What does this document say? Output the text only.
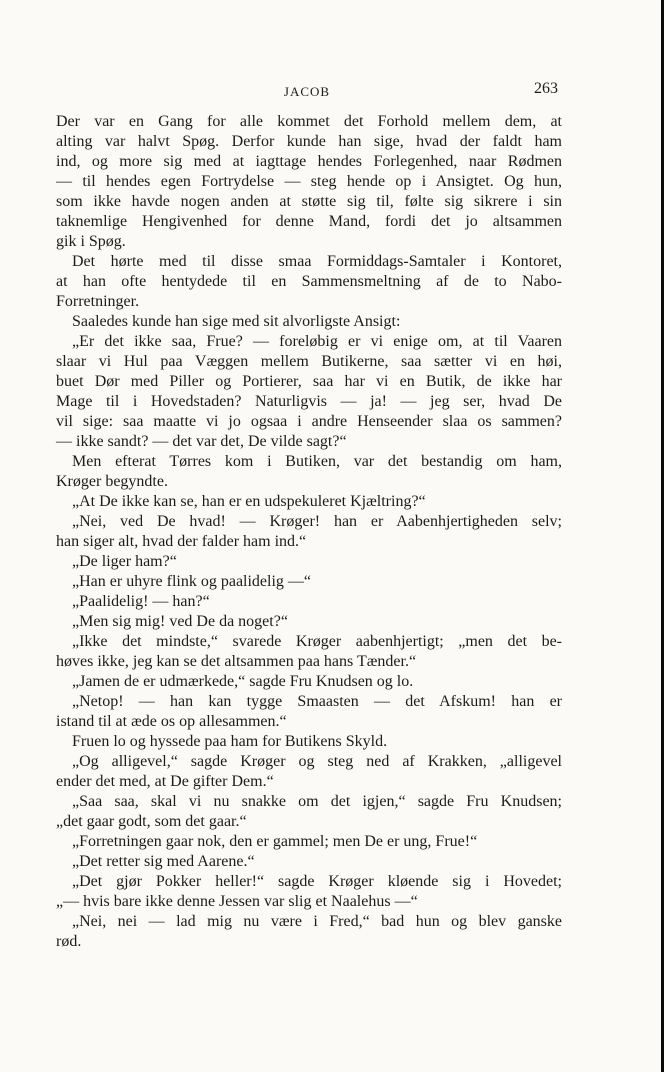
JACOB	263
Der var en Gang for alle kommet det Forhold mellem dem, at
alting var halvt Spøg. Derfor kunde han sige, hvad der faldt ham
ind, og more sig med at iagttage hendes Forlegenhed, naar Rødmen
— til hendes egen Fortrydelse — steg hende op i Ansigtet. Og hun,
som ikke havde nogen anden at støtte sig til, følte sig sikrere i sin
taknemlige Hengivenhed for denne Mand, fordi det jo altsammen
gik i Spøg.
Det hørte med til disse smaa Formiddags-Samtaler i Kontoret,
at han ofte hentydede til en Sammensmeltning af de to Nabo-
Forretninger.
Saaledes kunde han sige med sit alvorligste Ansigt:
„Er det ikke saa, Frue? — foreløbig er vi enige om, at til Vaaren
slaar vi Hul paa Væggen mellem Butikerne, saa sætter vi en høi,
buet Dør med Piller og Portierer, saa har vi en Butik, de ikke har
Mage til i Hovedstaden? Naturligvis — ja! — jeg ser, hvad De
vil sige: saa maatte vi jo ogsaa i andre Henseender slaa os sammen?
— ikke sandt? — det var det, De vilde sagt?“
Men efterat Tørres kom i Butiken, var det bestandig om ham,
Krøger begyndte.
„At De ikke kan se, han er en udspekuleret Kjæltring?“
„Nei, ved De hvad! — Krøger! han er Aabenhjertigheden selv;
han siger alt, hvad der falder ham ind.“
„De liger ham?“
„Han er uhyre flink og paalidelig —“
„Paalidelig! — han?“
„Men sig mig! ved De da noget?“
„Ikke det mindste,“ svarede Krøger aabenhjertigt; „men det be-
høves ikke, jeg kan se det altsammen paa hans Tænder.“
„Jamen de er udmærkede,“ sagde Fru Knudsen og lo.
„Netop! — han kan tygge Smaasten — det Afskum! han er
istand til at æde os op allesammen.“
Fruen lo og hyssede paa ham for Butikens Skyld.
„Og alligevel,“ sagde Krøger og steg ned af Krakken, „alligevel
ender det med, at De gifter Dem.“
„Saa saa, skal vi nu snakke om det igjen,“ sagde Fru Knudsen;
„det gaar godt, som det gaar.“
„Forretningen gaar nok, den er gammel; men De er ung, Frue!“
„Det retter sig med Aarene.“
„Det gjør Pokker heller!“ sagde Krøger kløende sig i Hovedet;
„— hvis bare ikke denne Jessen var slig et Naalehus —“
„Nei, nei — lad mig nu være i Fred,“ bad hun og blev ganske
rød.
